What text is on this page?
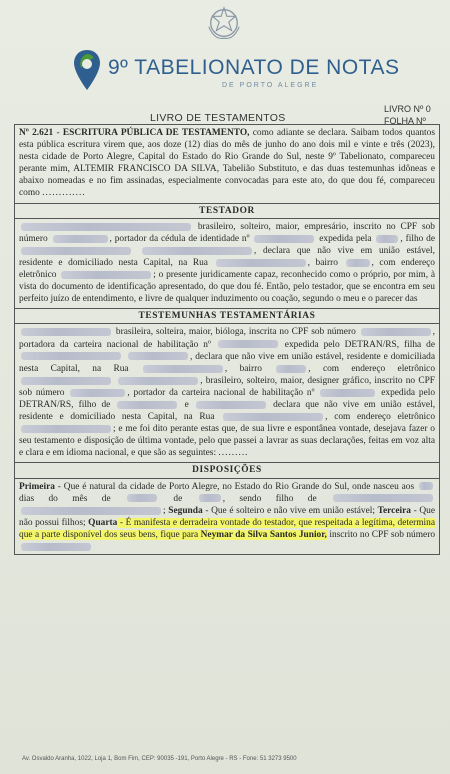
9º TABELIONATO DE NOTAS
DE PORTO ALEGRE
LIVRO DE TESTAMENTOS
LIVRO Nº 0
FOLHA Nº

Nº 2.621 - ESCRITURA PÚBLICA DE TESTAMENTO, como adiante se declara. Saibam todos quantos esta pública escritura virem que, aos doze (12) dias do mês de junho do ano dois mil e vinte e três (2023), nesta cidade de Porto Alegre, Capital do Estado do Rio Grande do Sul, neste 9º Tabelionato, compareceu perante mim, ALTEMIR FRANCISCO DA SILVA, Tabelião Substituto, e das duas testemunhas idôneas e abaixo nomeadas e no fim assinadas, especialmente convocadas para este ato, do que dou fé, compareceu como .............

TESTADOR

brasileiro, solteiro, maior, empresário, inscrito no CPF sob número	, portador da cédula de identidade nº	expedida pela	, filho de  , declara que não vive em união estável, residente e domiciliado nesta Capital, na Rua	, bairro	, com endereço eletrônico	; o presente juridicamente capaz, reconhecido como o próprio, por mim, à vista do documento de identificação apresentado, do que dou fé. Então, pelo testador, que se encontra em seu perfeito juízo de entendimento, e livre de qualquer induzimento ou coação, segundo o meu e o parecer das

TESTEMUNHAS TESTAMENTÁRIAS

brasileira, solteira, maior, bióloga, inscrita no CPF sob número	, portadora da carteira nacional de habilitação nº	expedida pelo DETRAN/RS, filha de  , declara que não vive em união estável, residente e domiciliada nesta Capital, na Rua	, bairro	, com endereço eletrônico  , brasileiro, solteiro, maior, designer gráfico, inscrito no CPF sob número	, portador da carteira nacional de habilitação nº	expedida pelo DETRAN/RS, filho de	e	declara que não vive em união estável, residente e domiciliado nesta Capital, na Rua	, com endereço eletrônico ; e me foi dito perante estas que, de sua livre e espontânea vontade, desejava fazer o seu testamento e disposição de última vontade, pelo que passei a lavrar as suas declarações, feitas em voz alta e clara e em idioma nacional, e que são as seguintes: .........

DISPOSIÇÕES

Primeira - Que é natural da cidade de Porto Alegre, no Estado do Rio Grande do Sul, onde nasceu aos  dias do mês de	de	, sendo filho de  ; Segunda - Que é solteiro e não vive em união estável; Terceira - Que não possui filhos; Quarta - É manifesta e derradeira vontade do testador, que respeitada a legítima, determina que a parte disponível dos seus bens, fique para Neymar da Silva Santos Junior, inscrito no CPF sob número

Av. Osvaldo Aranha, 1022, Loja 1, Bom Fim, CEP: 90035 -191, Porto Alegre - RS - Fone: 51 3273 9500
